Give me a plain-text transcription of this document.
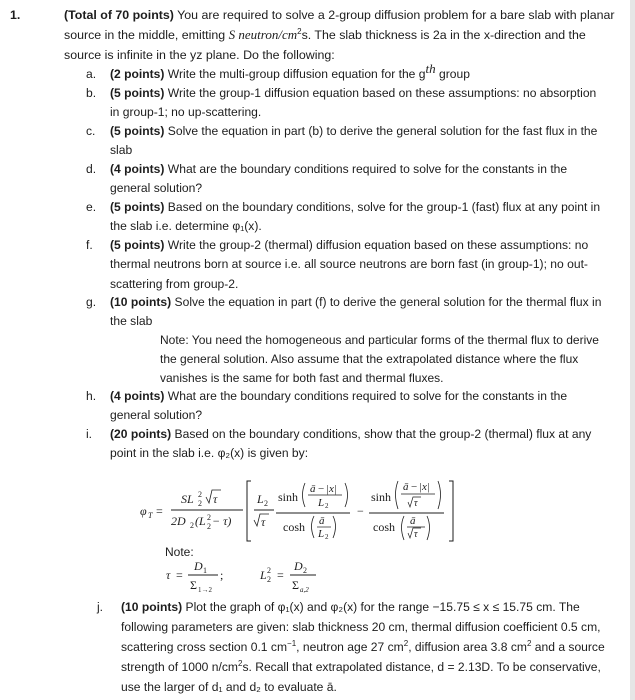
1.	(Total of 70 points) You are required to solve a 2-group diffusion problem for a bare slab with planar source in the middle, emitting S neutron/$cm^2s$. The slab thickness is 2a in the x-direction and the source is infinite in the yz plane. Do the following:
a. (2 points) Write the multi-group diffusion equation for the $g^{th}$ group
b. (5 points) Write the group-1 diffusion equation based on these assumptions: no absorption in group-1; no up-scattering.
c. (5 points) Solve the equation in part (b) to derive the general solution for the fast flux in the slab
d. (4 points) What are the boundary conditions required to solve for the constants in the general solution?
e. (5 points) Based on the boundary conditions, solve for the group-1 (fast) flux at any point in the slab i.e. determine φ₁(x).
f. (5 points) Write the group-2 (thermal) diffusion equation based on these assumptions: no thermal neutrons born at source i.e. all source neutrons are born fast (in group-1); no out-scattering from group-2.
g. (10 points) Solve the equation in part (f) to derive the general solution for the thermal flux in the slab
Note: You need the homogeneous and particular forms of the thermal flux to derive the general solution. Also assume that the extrapolated distance where the flux vanishes is the same for both fast and thermal fluxes.
h. (4 points) What are the boundary conditions required to solve for the constants in the general solution?
i. (20 points) Based on the boundary conditions, show that the group-2 (thermal) flux at any point in the slab i.e. φ₂(x) is given by:
φ T =
SL 2
2 τ
2D 2 (L 2
2 − τ)
L 2
τ
sinh
ā − |x|
L 2
cosh ā
L 2
−
sinh
ā − |x|
τ
cosh ā
τ
Note:
τ =
D 1
Σ 1→2
;	L 2
2 =
D 2
Σ a,2
j. (10 points) Plot the graph of φ₁(x) and φ₂(x) for the range −15.75 ≤ x ≤ 15.75 cm. The following parameters are given: slab thickness 20 cm, thermal diffusion coefficient 0.5 cm, scattering cross section 0.1 $cm^{-1}$, neutron age 27 $cm^2$, diffusion area 3.8 $cm^2$ and a source strength of 1000 $n/cm^2s$. Recall that extrapolated distance, d = 2.13D. To be conservative, use the larger of d₁ and d₂ to evaluate ā.
